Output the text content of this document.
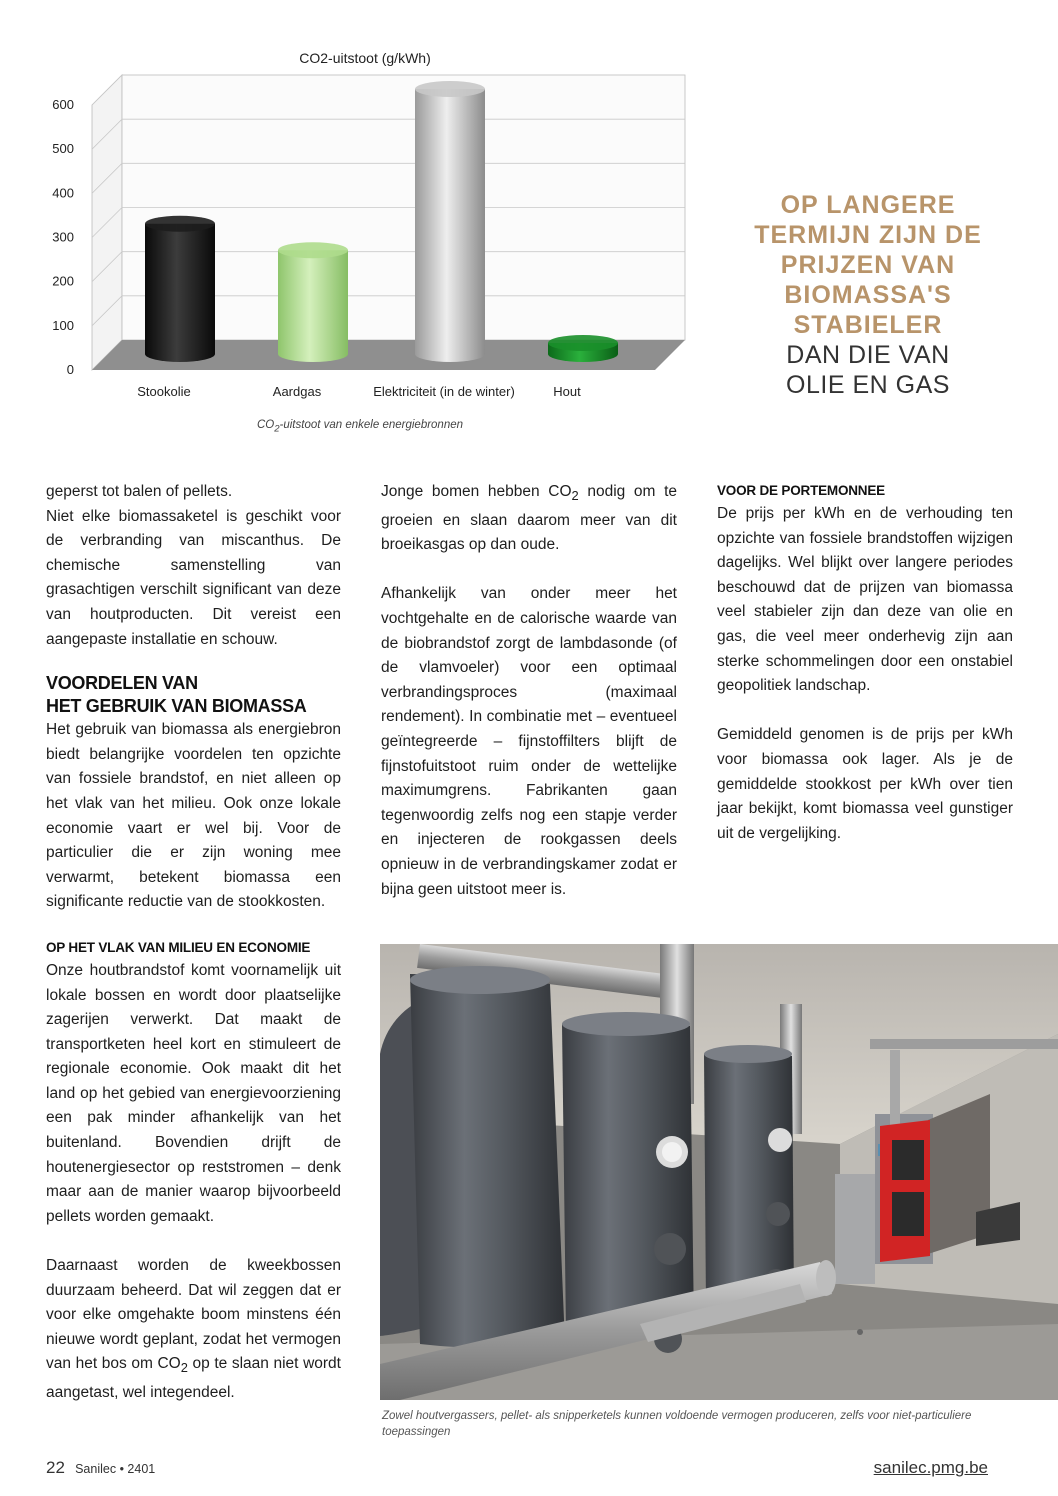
CO2-uitstoot (g/kWh)
0
100
200
300
400
500
600
Stookolie	Aardgas	Elektriciteit (in de winter)	Hout
$CO_2$-uitstoot van enkele energiebronnen
OP LANGERE
TERMIJN ZIJN DE
PRIJZEN VAN
BIOMASSA'S
STABIELER
DAN DIE VAN
OLIE EN GAS

geperst tot balen of pellets.

Niet elke biomassaketel is geschikt voor de verbranding van miscanthus. De chemische samenstelling van grasachtigen verschilt significant van deze van houtproducten. Dit vereist een aangepaste installatie en schouw.

VOORDELEN VAN
HET GEBRUIK VAN BIOMASSA

Het gebruik van biomassa als energiebron biedt belangrijke voordelen ten opzichte van fossiele brandstof, en niet alleen op het vlak van het milieu. Ook onze lokale economie vaart er wel bij. Voor de particulier die er zijn woning mee verwarmt, betekent biomassa een significante reductie van de stookkosten.

OP HET VLAK VAN MILIEU EN ECONOMIE

Onze houtbrandstof komt voornamelijk uit lokale bossen en wordt door plaatselijke zagerijen verwerkt. Dat maakt de transportketen heel kort en stimuleert de regionale economie. Ook maakt dit het land op het gebied van energievoorziening een pak minder afhankelijk van het buitenland. Bovendien drijft de houtenergiesector op reststromen – denk maar aan de manier waarop bijvoorbeeld pellets worden gemaakt.

Daarnaast worden de kweekbossen duurzaam beheerd. Dat wil zeggen dat er voor elke omgehakte boom minstens één nieuwe wordt geplant, zodat het vermogen van het bos om $CO_2$ op te slaan niet wordt aangetast, wel integendeel.

Jonge bomen hebben $CO_2$ nodig om te groeien en slaan daarom meer van dit broeikasgas op dan oude.

Afhankelijk van onder meer het vochtgehalte en de calorische waarde van de biobrandstof zorgt de lambdasonde (of de vlamvoeler) voor een optimaal verbrandingsproces (maximaal rendement). In combinatie met – eventueel geïntegreerde – fijnstoffilters blijft de fijnstofuitstoot ruim onder de wettelijke maximumgrens. Fabrikanten gaan tegenwoordig zelfs nog een stapje verder en injecteren de rookgassen deels opnieuw in de verbrandingskamer zodat er bijna geen uitstoot meer is.

VOOR DE PORTEMONNEE

De prijs per kWh en de verhouding ten opzichte van fossiele brandstoffen wijzigen dagelijks. Wel blijkt over langere periodes beschouwd dat de prijzen van biomassa veel stabieler zijn dan deze van olie en gas, die veel meer onderhevig zijn aan sterke schommelingen door een onstabiel geopolitiek landschap.

Gemiddeld genomen is de prijs per kWh voor biomassa ook lager. Als je de gemiddelde stookkost per kWh over tien jaar bekijkt, komt biomassa veel gunstiger uit de vergelijking.

Zowel houtvergassers, pellet- als snipperketels kunnen voldoende vermogen produceren, zelfs voor niet-particuliere toepassingen
22 Sanilec • 2401	sanilec.pmg.be
